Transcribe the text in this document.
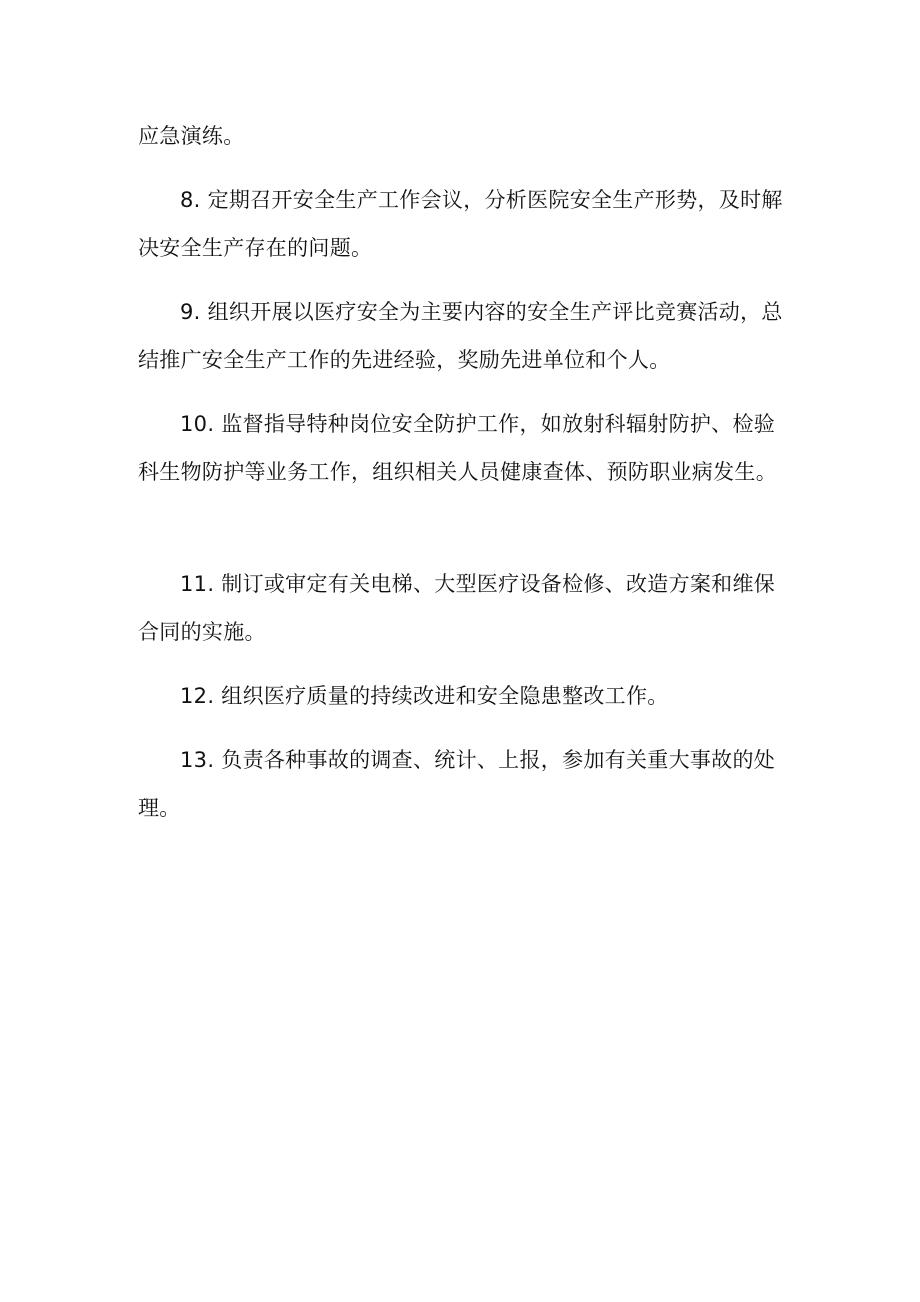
应急演练。
8. 定期召开安全生产工作会议，分析医院安全生产形势，及时解
决安全生产存在的问题。
9. 组织开展以医疗安全为主要内容的安全生产评比竞赛活动，总
结推广安全生产工作的先进经验，奖励先进单位和个人。
10. 监督指导特种岗位安全防护工作，如放射科辐射防护、检验
科生物防护等业务工作，组织相关人员健康查体、预防职业病发生。
11. 制订或审定有关电梯、大型医疗设备检修、改造方案和维保
合同的实施。
12. 组织医疗质量的持续改进和安全隐患整改工作。
13. 负责各种事故的调查、统计、上报，参加有关重大事故的处
理。
